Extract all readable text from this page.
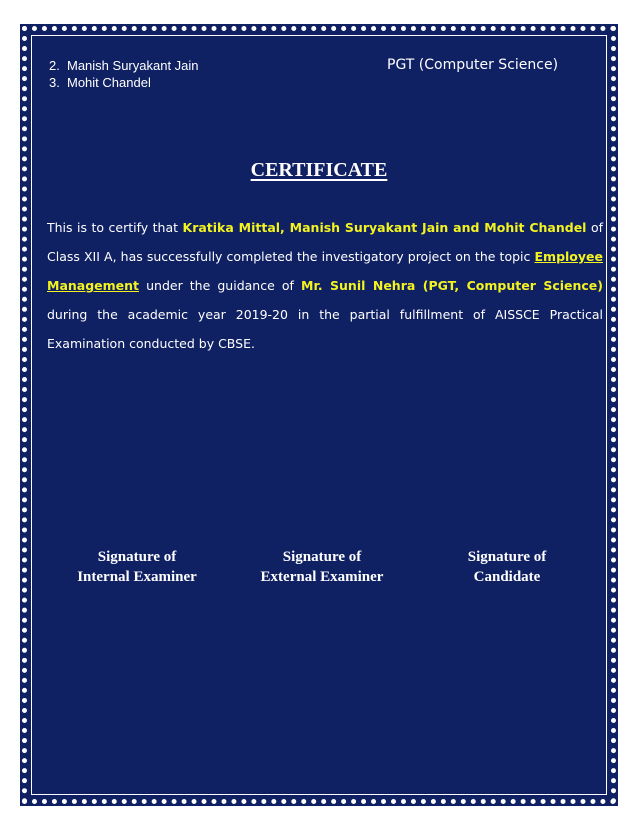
2. Manish Suryakant Jain
3. Mohit Chandel
PGT (Computer Science)
CERTIFICATE
This is to certify that Kratika Mittal, Manish Suryakant Jain and Mohit Chandel of Class XII A, has successfully completed the investigatory project on the topic Employee Management under the guidance of Mr. Sunil Nehra (PGT, Computer Science) during the academic year 2019-20 in the partial fulfillment of AISSCE Practical Examination conducted by CBSE.
Signature of
Internal Examiner
Signature of
External Examiner
Signature of
Candidate
